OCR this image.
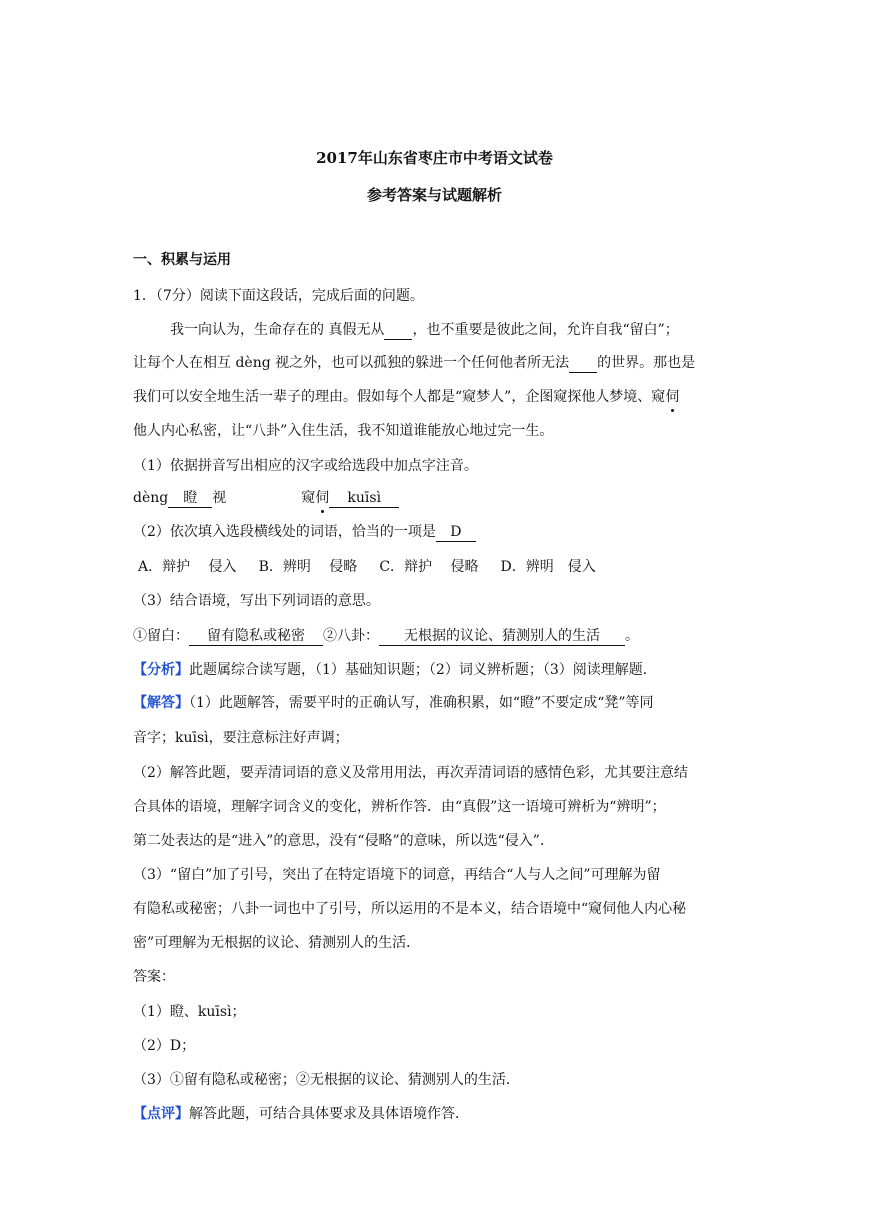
2017年山东省枣庄市中考语文试卷
参考答案与试题解析
一、积累与运用
1．（7分）阅读下面这段话，完成后面的问题。
我一向认为，生命存在的 真假无从 ，也不重要是彼此之间，允许自我“留白”；
让每个人在相互 dèng 视之外，也可以孤独的躲进一个任何他者所无法 的世界。那也是
我们可以安全地生活一辈子的理由。假如每个人都是“窥梦人”，企图窥探他人梦境、窥伺
他人内心私密，让“八卦”入住生活，我不知道谁能放心地过完一生。
（1）依据拼音写出相应的汉字或给选段中加点字注音。
dèng 瞪 视	窥伺 kuīsì
（2）依次填入选段横线处的词语，恰当的一项是 D
A．辩护　 侵入 B．辨明　 侵略 C．辩护　 侵略 D．辨明　侵入
（3）结合语境，写出下列词语的意思。
①留白： 留有隐私或秘密 ②八卦： 无根据的议论、猜测别人的生活 。
【分析】此题属综合读写题，（1）基础知识题；（2）词义辨析题；（3）阅读理解题．
【解答】（1）此题解答，需要平时的正确认写，准确积累，如“瞪”不要定成“凳”等同
音字；kuīsì，要注意标注好声调；
（2）解答此题，要弄清词语的意义及常用用法，再次弄清词语的感情色彩，尤其要注意结
合具体的语境，理解字词含义的变化，辨析作答．由“真假”这一语境可辨析为“辨明”；
第二处表达的是“进入”的意思，没有“侵略”的意味，所以选“侵入”．
（3）“留白”加了引号，突出了在特定语境下的词意，再结合“人与人之间”可理解为留
有隐私或秘密；八卦一词也中了引号，所以运用的不是本义，结合语境中“窥伺他人内心秘
密”可理解为无根据的议论、猜测别人的生活．
答案：
（1）瞪、kuīsì；
（2）D；
（3）①留有隐私或秘密；②无根据的议论、猜测别人的生活．
【点评】解答此题，可结合具体要求及具体语境作答．
